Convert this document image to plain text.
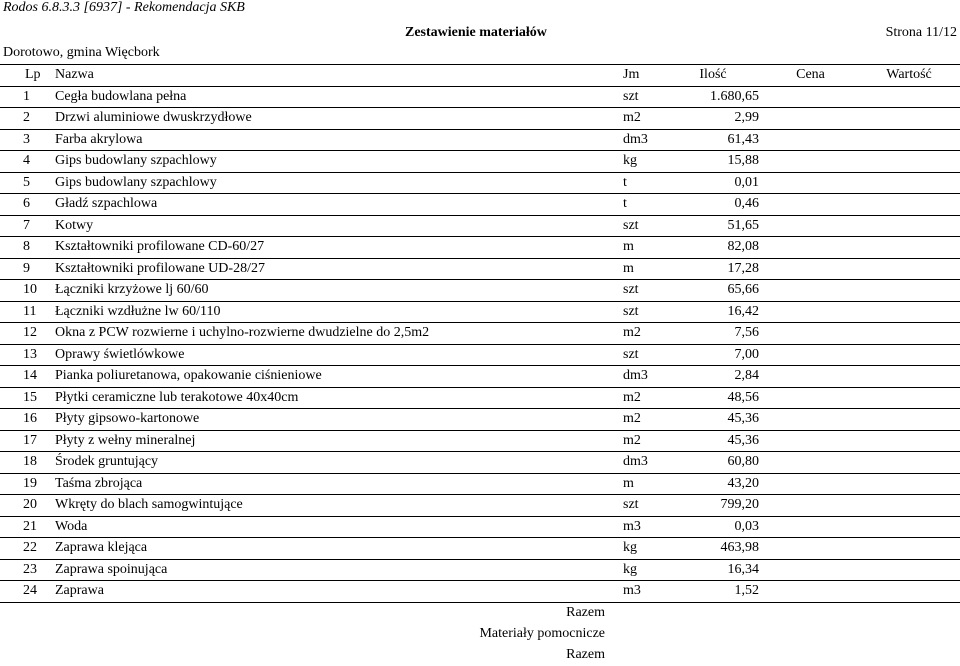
Rodos 6.8.3.3 [6937] - Rekomendacja SKB
Zestawienie materiałów	Strona 11/12
Dorotowo, gmina Więcbork
Lp	Nazwa	Jm	Ilość	Cena	Wartość
1	Cegła budowlana pełna	szt	1.680,65		
2	Drzwi aluminiowe dwuskrzydłowe	m2	2,99		
3	Farba akrylowa	dm3	61,43		
4	Gips budowlany szpachlowy	kg	15,88		
5	Gips budowlany szpachlowy	t	0,01		
6	Gładź szpachlowa	t	0,46		
7	Kotwy	szt	51,65		
8	Kształtowniki profilowane CD-60/27	m	82,08		
9	Kształtowniki profilowane UD-28/27	m	17,28		
10	Łączniki krzyżowe lj 60/60	szt	65,66		
11	Łączniki wzdłużne lw 60/110	szt	16,42		
12	Okna z PCW rozwierne i uchylno-rozwierne dwudzielne do 2,5m2	m2	7,56		
13	Oprawy świetlówkowe	szt	7,00		
14	Pianka poliuretanowa, opakowanie ciśnieniowe	dm3	2,84		
15	Płytki ceramiczne lub terakotowe 40x40cm	m2	48,56		
16	Płyty gipsowo-kartonowe	m2	45,36		
17	Płyty z wełny mineralnej	m2	45,36		
18	Środek gruntujący	dm3	60,80		
19	Taśma zbrojąca	m	43,20		
20	Wkręty do blach samogwintujące	szt	799,20		
21	Woda	m3	0,03		
22	Zaprawa klejąca	kg	463,98		
23	Zaprawa spoinująca	kg	16,34		
24	Zaprawa	m3	1,52		
Razem					
Materiały pomocnicze					
Razem					
